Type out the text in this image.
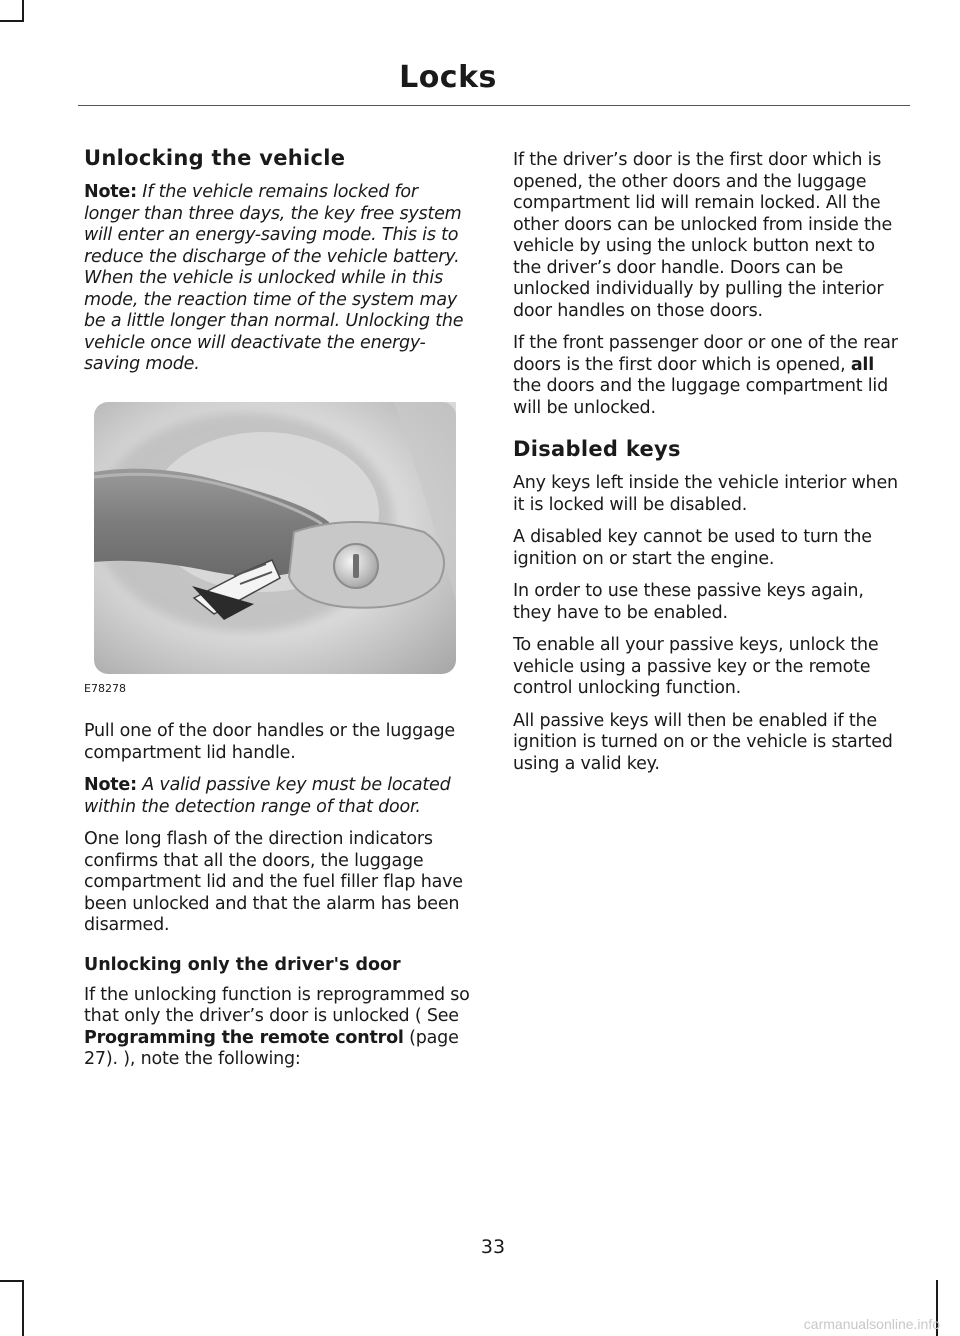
Locks
Unlocking the vehicle

Note: If the vehicle remains locked for longer than three days, the key free system will enter an energy-saving mode. This is to reduce the discharge of the vehicle battery. When the vehicle is unlocked while in this mode, the reaction time of the system may be a little longer than normal. Unlocking the vehicle once will deactivate the energy-saving mode.

E78278

Pull one of the door handles or the luggage compartment lid handle.

Note: A valid passive key must be located within the detection range of that door.

One long flash of the direction indicators confirms that all the doors, the luggage compartment lid and the fuel filler flap have been unlocked and that the alarm has been disarmed.

Unlocking only the driver's door

If the unlocking function is reprogrammed so that only the driver’s door is unlocked ( See Programming the remote control (page 27). ), note the following:

If the driver’s door is the first door which is opened, the other doors and the luggage compartment lid will remain locked. All the other doors can be unlocked from inside the vehicle by using the unlock button next to the driver’s door handle. Doors can be unlocked individually by pulling the interior door handles on those doors.

If the front passenger door or one of the rear doors is the first door which is opened, all the doors and the luggage compartment lid will be unlocked.

Disabled keys

Any keys left inside the vehicle interior when it is locked will be disabled.

A disabled key cannot be used to turn the ignition on or start the engine.

In order to use these passive keys again, they have to be enabled.

To enable all your passive keys, unlock the vehicle using a passive key or the remote control unlocking function.

All passive keys will then be enabled if the ignition is turned on or the vehicle is started using a valid key.

33
carmanualsonline.info
